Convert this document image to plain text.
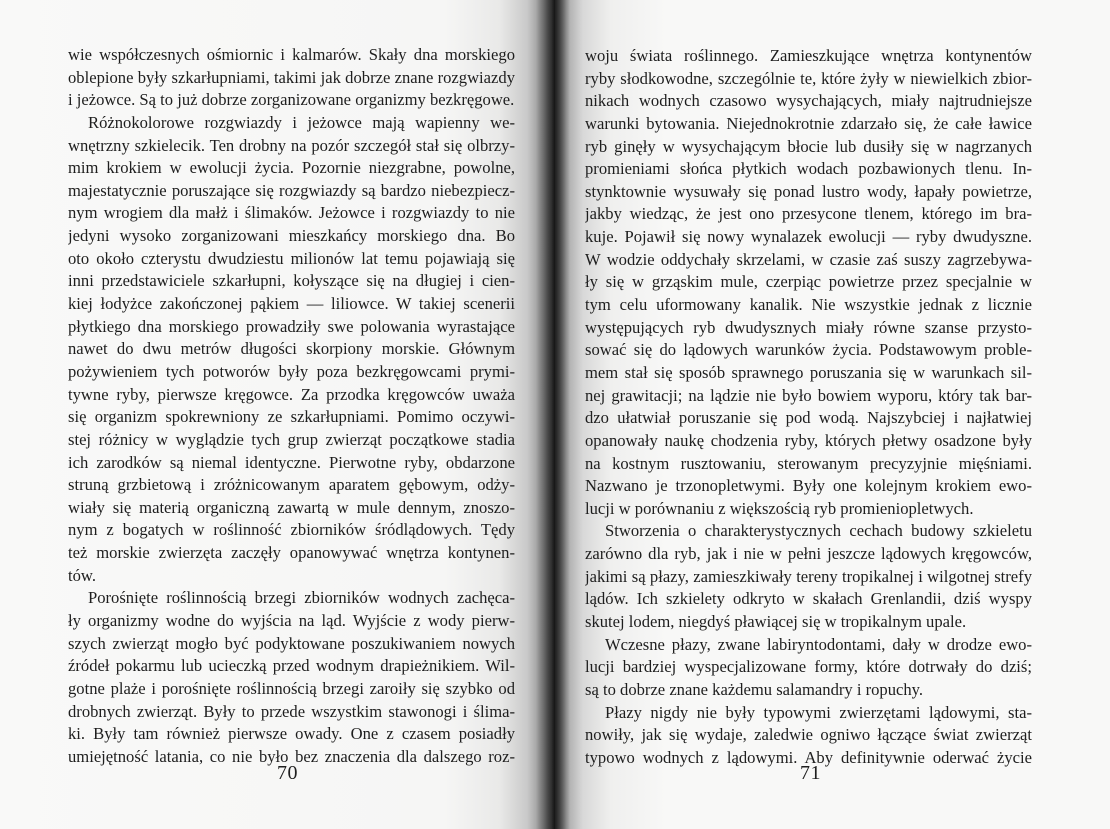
wie współczesnych ośmiornic i kalmarów. Skały dna morskiego
oblepione były szkarłupniami, takimi jak dobrze znane rozgwiazdy
i jeżowce. Są to już dobrze zorganizowane organizmy bezkręgowe.
Różnokolorowe rozgwiazdy i jeżowce mają wapienny we-
wnętrzny szkielecik. Ten drobny na pozór szczegół stał się olbrzy-
mim krokiem w ewolucji życia. Pozornie niezgrabne, powolne,
majestatycznie poruszające się rozgwiazdy są bardzo niebezpiecz-
nym wrogiem dla małż i ślimaków. Jeżowce i rozgwiazdy to nie
jedyni wysoko zorganizowani mieszkańcy morskiego dna. Bo
oto około czterystu dwudziestu milionów lat temu pojawiają się
inni przedstawiciele szkarłupni, kołyszące się na długiej i cien-
kiej łodyżce zakończonej pąkiem — liliowce. W takiej scenerii
płytkiego dna morskiego prowadziły swe polowania wyrastające
nawet do dwu metrów długości skorpiony morskie. Głównym
pożywieniem tych potworów były poza bezkręgowcami prymi-
tywne ryby, pierwsze kręgowce. Za przodka kręgowców uważa
się organizm spokrewniony ze szkarłupniami. Pomimo oczywi-
stej różnicy w wyglądzie tych grup zwierząt początkowe stadia
ich zarodków są niemal identyczne. Pierwotne ryby, obdarzone
struną grzbietową i zróżnicowanym aparatem gębowym, odży-
wiały się materią organiczną zawartą w mule dennym, znoszo-
nym z bogatych w roślinność zbiorników śródlądowych. Tędy
też morskie zwierzęta zaczęły opanowywać wnętrza kontynen-
tów.
Porośnięte roślinnością brzegi zbiorników wodnych zachęca-
ły organizmy wodne do wyjścia na ląd. Wyjście z wody pierw-
szych zwierząt mogło być podyktowane poszukiwaniem nowych
źródeł pokarmu lub ucieczką przed wodnym drapieżnikiem. Wil-
gotne plaże i porośnięte roślinnością brzegi zaroiły się szybko od
drobnych zwierząt. Były to przede wszystkim stawonogi i ślima-
ki. Były tam również pierwsze owady. One z czasem posiadły
umiejętność latania, co nie było bez znaczenia dla dalszego roz-
70
woju świata roślinnego. Zamieszkujące wnętrza kontynentów
ryby słodkowodne, szczególnie te, które żyły w niewielkich zbior-
nikach wodnych czasowo wysychających, miały najtrudniejsze
warunki bytowania. Niejednokrotnie zdarzało się, że całe ławice
ryb ginęły w wysychającym błocie lub dusiły się w nagrzanych
promieniami słońca płytkich wodach pozbawionych tlenu. In-
stynktownie wysuwały się ponad lustro wody, łapały powietrze,
jakby wiedząc, że jest ono przesycone tlenem, którego im bra-
kuje. Pojawił się nowy wynalazek ewolucji — ryby dwudyszne.
W wodzie oddychały skrzelami, w czasie zaś suszy zagrzebywa-
ły się w grząskim mule, czerpiąc powietrze przez specjalnie w
tym celu uformowany kanalik. Nie wszystkie jednak z licznie
występujących ryb dwudysznych miały równe szanse przysto-
sować się do lądowych warunków życia. Podstawowym proble-
mem stał się sposób sprawnego poruszania się w warunkach sil-
nej grawitacji; na lądzie nie było bowiem wyporu, który tak bar-
dzo ułatwiał poruszanie się pod wodą. Najszybciej i najłatwiej
opanowały naukę chodzenia ryby, których płetwy osadzone były
na kostnym rusztowaniu, sterowanym precyzyjnie mięśniami.
Nazwano je trzonopletwymi. Były one kolejnym krokiem ewo-
lucji w porównaniu z większością ryb promieniopletwych.
Stworzenia o charakterystycznych cechach budowy szkieletu
zarówno dla ryb, jak i nie w pełni jeszcze lądowych kręgowców,
jakimi są płazy, zamieszkiwały tereny tropikalnej i wilgotnej strefy
lądów. Ich szkielety odkryto w skałach Grenlandii, dziś wyspy
skutej lodem, niegdyś pławiącej się w tropikalnym upale.
Wczesne płazy, zwane labiryntodontami, dały w drodze ewo-
lucji bardziej wyspecjalizowane formy, które dotrwały do dziś;
są to dobrze znane każdemu salamandry i ropuchy.
Płazy nigdy nie były typowymi zwierzętami lądowymi, sta-
nowiły, jak się wydaje, zaledwie ogniwo łączące świat zwierząt
typowo wodnych z lądowymi. Aby definitywnie oderwać życie
71
